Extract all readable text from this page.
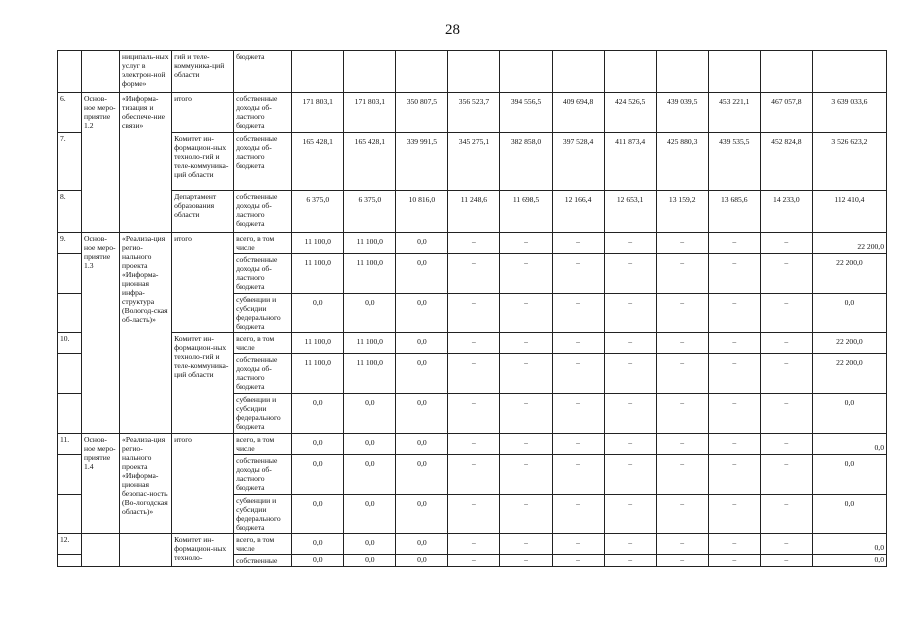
28
		ниципаль-ных услуг в электрон-ной форме»	гий и теле-коммуника-ций области	бюджета											
6.	Основ-ное меро-приятие 1.2	«Информа-тизация и обеспече-ние связи»	итого	собственные доходы об-ластного бюджета	171 803,1	171 803,1	350 807,5	356 523,7	394 556,5	409 694,8	424 526,5	439 039,5	453 221,1	467 057,8	3 639 033,6
7.			Комитет ин-формацион-ных техноло-гий и теле-коммуника-ций области	собственные доходы об-ластного бюджета	165 428,1	165 428,1	339 991,5	345 275,1	382 858,0	397 528,4	411 873,4	425 880,3	439 535,5	452 824,8	3 526 623,2
8.			Департамент образования области	собственные доходы об-ластного бюджета	6 375,0	6 375,0	10 816,0	11 248,6	11 698,5	12 166,4	12 653,1	13 159,2	13 685,6	14 233,0	112 410,4
9.	Основ-ное меро-приятие 1.3	«Реализа-ция регио-нального проекта «Информа-ционная инфра-структура (Вологод-ская об-ласть)»	итого	всего, в том числе	11 100,0	11 100,0	0,0	–	–	–	–	–	–	–	22 200,0
				собственные доходы об-ластного бюджета	11 100,0	11 100,0	0,0	–	–	–	–	–	–	–	22 200,0
				субвенции и субсидии федерального бюджета	0,0	0,0	0,0	–	–	–	–	–	–	–	0,0
10.			Комитет ин-формацион-ных техноло-гий и теле-коммуника-ций области	всего, в том числе	11 100,0	11 100,0	0,0	–	–	–	–	–	–	–	22 200,0
				собственные доходы об-ластного бюджета	11 100,0	11 100,0	0,0	–	–	–	–	–	–	–	22 200,0
				субвенции и субсидии федерального бюджета	0,0	0,0	0,0	–	–	–	–	–	–	–	0,0
11.	Основ-ное меро-приятие 1.4	«Реализа-ция регио-нального проекта «Информа-ционная безопас-ность (Во-логодская область)»	итого	всего, в том числе	0,0	0,0	0,0	–	–	–	–	–	–	–	0,0
				собственные доходы об-ластного бюджета	0,0	0,0	0,0	–	–	–	–	–	–	–	0,0
				субвенции и субсидии федерального бюджета	0,0	0,0	0,0	–	–	–	–	–	–	–	0,0
12.			Комитет ин-формацион-ных техноло-	всего, в том числе	0,0	0,0	0,0	–	–	–	–	–	–	–	0,0
				собственные	0,0	0,0	0,0	–	–	–	–	–	–	–	0,0
